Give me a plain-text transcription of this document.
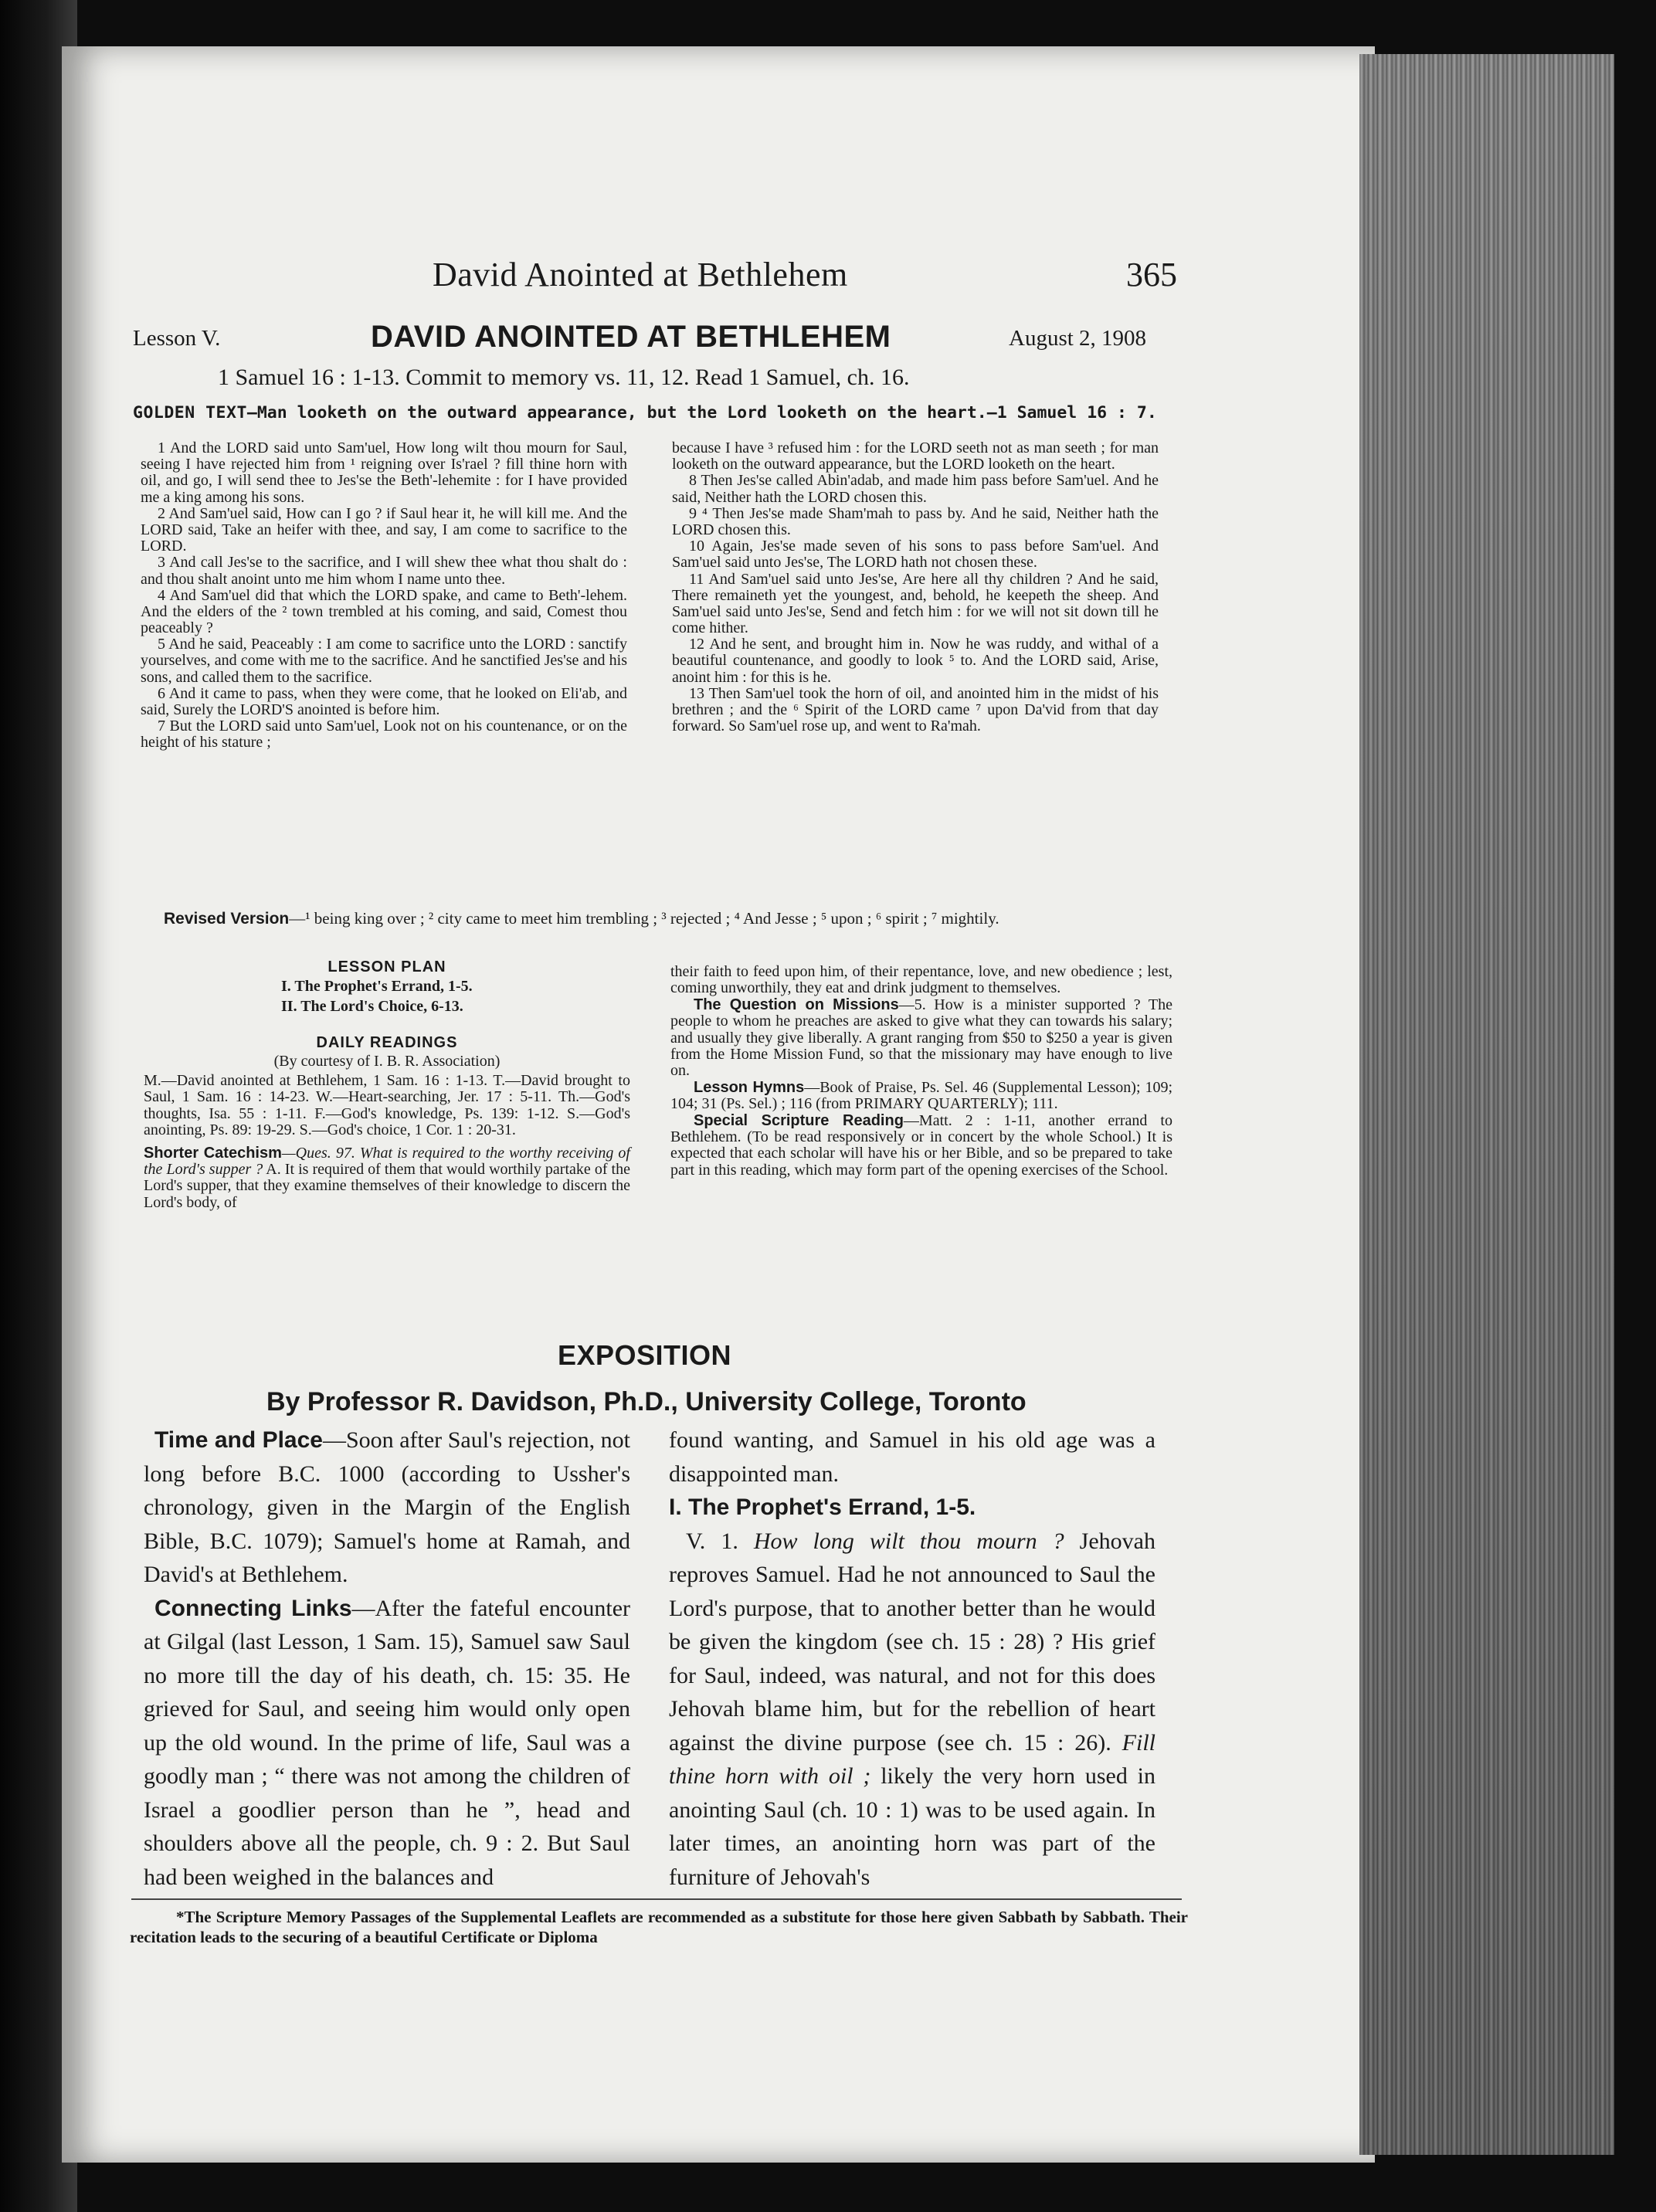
David Anointed at Bethlehem	365
Lesson V.	DAVID ANOINTED AT BETHLEHEM	August 2, 1908
1 Samuel 16 : 1-13. Commit to memory vs. 11, 12. Read 1 Samuel, ch. 16.
GOLDEN TEXT—Man looketh on the outward appearance, but the Lord looketh on the heart.—1 Samuel 16 : 7.

1 And the LORD said unto Sam'uel, How long wilt thou mourn for Saul, seeing I have rejected him from ¹ reigning over Is'rael ? fill thine horn with oil, and go, I will send thee to Jes'se the Beth'-lehemite : for I have provided me a king among his sons.

2 And Sam'uel said, How can I go ? if Saul hear it, he will kill me. And the LORD said, Take an heifer with thee, and say, I am come to sacrifice to the LORD.

3 And call Jes'se to the sacrifice, and I will shew thee what thou shalt do : and thou shalt anoint unto me him whom I name unto thee.

4 And Sam'uel did that which the LORD spake, and came to Beth'-lehem. And the elders of the ² town trembled at his coming, and said, Comest thou peaceably ?

5 And he said, Peaceably : I am come to sacrifice unto the LORD : sanctify yourselves, and come with me to the sacrifice. And he sanctified Jes'se and his sons, and called them to the sacrifice.

6 And it came to pass, when they were come, that he looked on Eli'ab, and said, Surely the LORD'S anointed is before him.

7 But the LORD said unto Sam'uel, Look not on his countenance, or on the height of his stature ;

because I have ³ refused him : for the LORD seeth not as man seeth ; for man looketh on the outward appearance, but the LORD looketh on the heart.

8 Then Jes'se called Abin'adab, and made him pass before Sam'uel. And he said, Neither hath the LORD chosen this.

9 ⁴ Then Jes'se made Sham'mah to pass by. And he said, Neither hath the LORD chosen this.

10 Again, Jes'se made seven of his sons to pass before Sam'uel. And Sam'uel said unto Jes'se, The LORD hath not chosen these.

11 And Sam'uel said unto Jes'se, Are here all thy children ? And he said, There remaineth yet the youngest, and, behold, he keepeth the sheep. And Sam'uel said unto Jes'se, Send and fetch him : for we will not sit down till he come hither.

12 And he sent, and brought him in. Now he was ruddy, and withal of a beautiful countenance, and goodly to look ⁵ to. And the LORD said, Arise, anoint him : for this is he.

13 Then Sam'uel took the horn of oil, and anointed him in the midst of his brethren ; and the ⁶ Spirit of the LORD came ⁷ upon Da'vid from that day forward. So Sam'uel rose up, and went to Ra'mah.

Revised Version—¹ being king over ; ² city came to meet him trembling ; ³ rejected ; ⁴ And Jesse ; ⁵ upon ; ⁶ spirit ; ⁷ mightily.
LESSON PLAN
I. The Prophet's Errand, 1-5.
II. The Lord's Choice, 6-13.
DAILY READINGS
(By courtesy of I. B. R. Association)
M.—David anointed at Bethlehem, 1 Sam. 16 : 1-13. T.—David brought to Saul, 1 Sam. 16 : 14-23. W.—Heart-searching, Jer. 17 : 5-11. Th.—God's thoughts, Isa. 55 : 1-11. F.—God's knowledge, Ps. 139: 1-12. S.—God's anointing, Ps. 89: 19-29. S.—God's choice, 1 Cor. 1 : 20-31.
Shorter Catechism—Ques. 97. What is required to the worthy receiving of the Lord's supper ? A. It is required of them that would worthily partake of the Lord's supper, that they examine themselves of their knowledge to discern the Lord's body, of

their faith to feed upon him, of their repentance, love, and new obedience ; lest, coming unworthily, they eat and drink judgment to themselves.

The Question on Missions—5. How is a minister supported ? The people to whom he preaches are asked to give what they can towards his salary; and usually they give liberally. A grant ranging from $50 to $250 a year is given from the Home Mission Fund, so that the missionary may have enough to live on.

Lesson Hymns—Book of Praise, Ps. Sel. 46 (Supplemental Lesson); 109; 104; 31 (Ps. Sel.) ; 116 (from PRIMARY QUARTERLY); 111.

Special Scripture Reading—Matt. 2 : 1-11, another errand to Bethlehem. (To be read responsively or in concert by the whole School.) It is expected that each scholar will have his or her Bible, and so be prepared to take part in this reading, which may form part of the opening exercises of the School.

EXPOSITION
By Professor R. Davidson, Ph.D., University College, Toronto

Time and Place—Soon after Saul's rejection, not long before B.C. 1000 (according to Ussher's chronology, given in the Margin of the English Bible, B.C. 1079); Samuel's home at Ramah, and David's at Bethlehem.

Connecting Links—After the fateful encounter at Gilgal (last Lesson, 1 Sam. 15), Samuel saw Saul no more till the day of his death, ch. 15: 35. He grieved for Saul, and seeing him would only open up the old wound. In the prime of life, Saul was a goodly man ; “ there was not among the children of Israel a goodlier person than he ”, head and shoulders above all the people, ch. 9 : 2. But Saul had been weighed in the balances and

found wanting, and Samuel in his old age was a disappointed man.

I. The Prophet's Errand, 1-5.

V. 1. How long wilt thou mourn ? Jehovah reproves Samuel. Had he not announced to Saul the Lord's purpose, that to another better than he would be given the kingdom (see ch. 15 : 28) ? His grief for Saul, indeed, was natural, and not for this does Jehovah blame him, but for the rebellion of heart against the divine purpose (see ch. 15 : 26). Fill thine horn with oil ; likely the very horn used in anointing Saul (ch. 10 : 1) was to be used again. In later times, an anointing horn was part of the furniture of Jehovah's

*The Scripture Memory Passages of the Supplemental Leaflets are recommended as a substitute for those here given Sabbath by Sabbath. Their recitation leads to the securing of a beautiful Certificate or Diploma
